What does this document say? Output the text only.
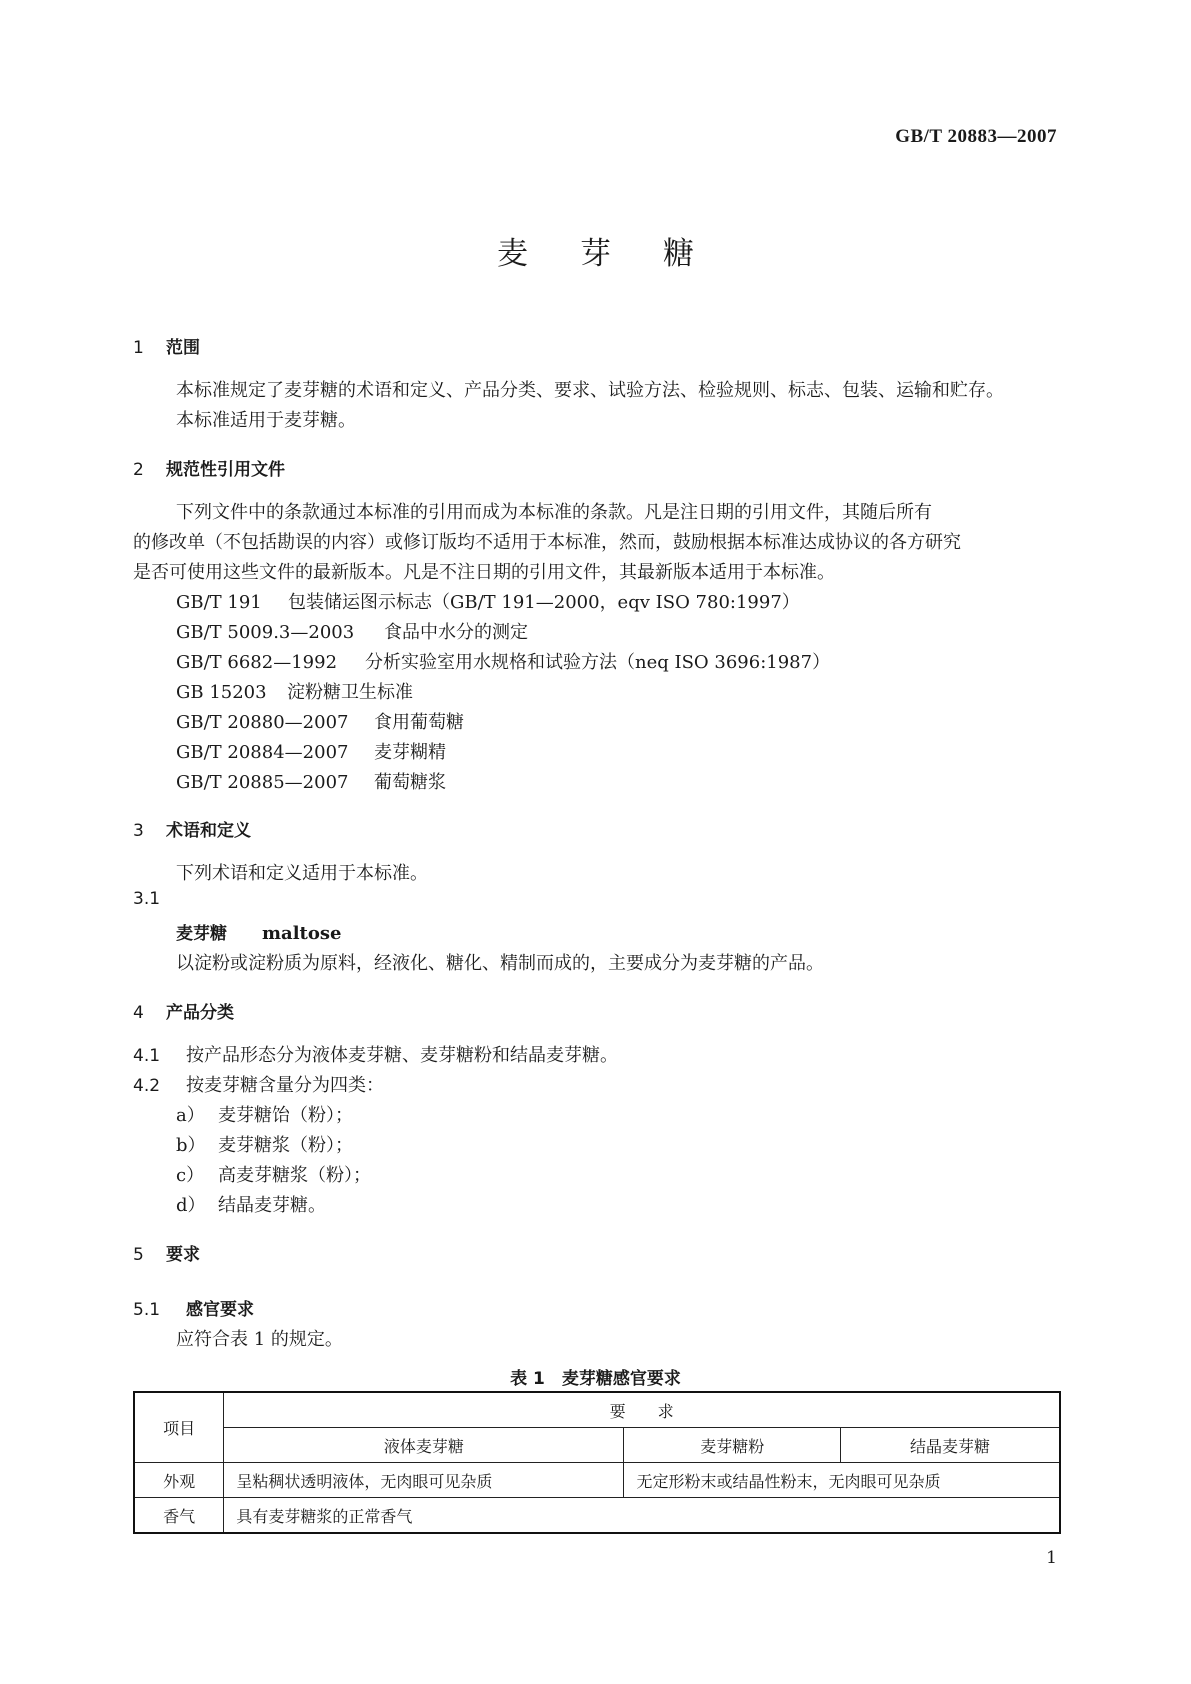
GB/T 20883—2007
麦芽糖
1 范围
本标准规定了麦芽糖的术语和定义、产品分类、要求、试验方法、检验规则、标志、包装、运输和贮存。
本标准适用于麦芽糖。
2 规范性引用文件
下列文件中的条款通过本标准的引用而成为本标准的条款。凡是注日期的引用文件，其随后所有
的修改单（不包括勘误的内容）或修订版均不适用于本标准，然而，鼓励根据本标准达成协议的各方研究
是否可使用这些文件的最新版本。凡是不注日期的引用文件，其最新版本适用于本标准。
GB/T 191 包装储运图示标志（GB/T 191—2000，eqv ISO 780:1997）
GB/T 5009.3—2003 食品中水分的测定
GB/T 6682—1992 分析实验室用水规格和试验方法（neq ISO 3696:1987）
GB 15203 淀粉糖卫生标准
GB/T 20880—2007 食用葡萄糖
GB/T 20884—2007 麦芽糊精
GB/T 20885—2007 葡萄糖浆
3 术语和定义
下列术语和定义适用于本标准。
3.1
麦芽糖 maltose
以淀粉或淀粉质为原料，经液化、糖化、精制而成的，主要成分为麦芽糖的产品。
4 产品分类
4.1 按产品形态分为液体麦芽糖、麦芽糖粉和结晶麦芽糖。
4.2 按麦芽糖含量分为四类：
a） 麦芽糖饴（粉）；
b） 麦芽糖浆（粉）；
c） 高麦芽糖浆（粉）；
d） 结晶麦芽糖。
5 要求
5.1 感官要求
应符合表 1 的规定。
表 1　麦芽糖感官要求
项目	要　　求		
	液体麦芽糖	麦芽糖粉	结晶麦芽糖
外观	呈粘稠状透明液体，无肉眼可见杂质	无定形粉末或结晶性粉末，无肉眼可见杂质	
香气	具有麦芽糖浆的正常香气		
1
